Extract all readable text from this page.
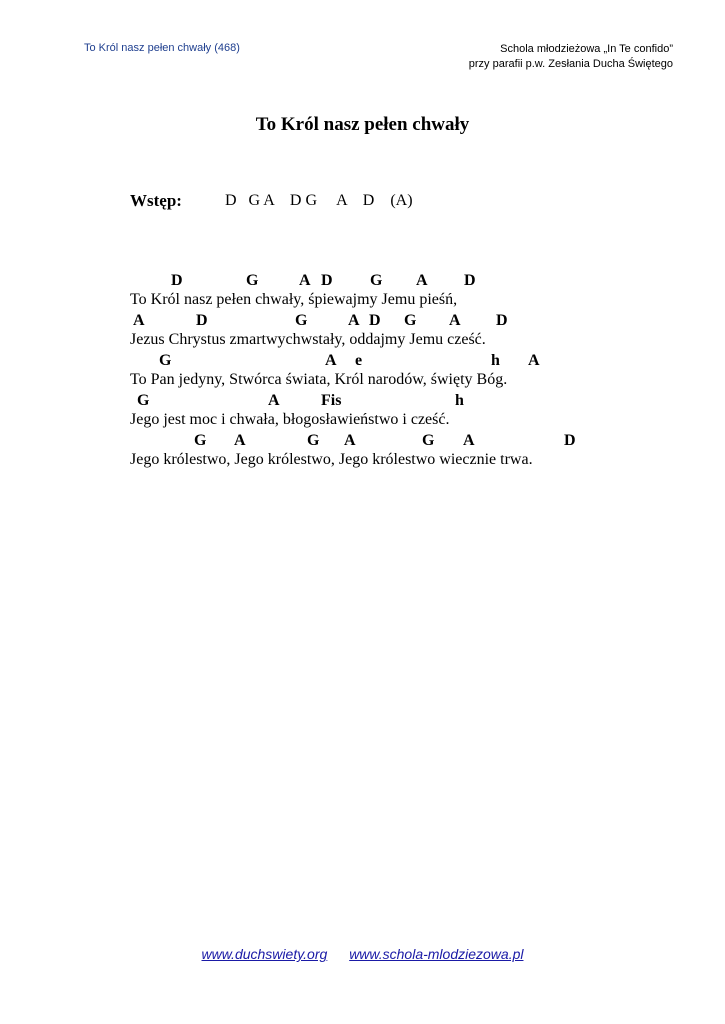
To Król nasz pełen chwały (468)	Schola młodzieżowa „In Te confido”
przy parafii p.w. Zesłania Ducha Świętego
To Król nasz pełen chwały
Wstęp:	D   G A    D G     A    D    (A)
D	G	A D G A D
To Król nasz pełen chwały, śpiewajmy Jemu pieśń,
A	D	G	A D G A D
Jezus Chrystus zmartwychwstały, oddajmy Jemu cześć.
G	A e	h A
To Pan jedyny, Stwórca świata, Król narodów, święty Bóg.
G	A	Fis	h
Jego jest moc i chwała, błogosławieństwo i cześć.
G A	G A	G A	D
Jego królestwo, Jego królestwo, Jego królestwo wiecznie trwa.
www.duchswiety.org www.schola-mlodziezowa.pl
